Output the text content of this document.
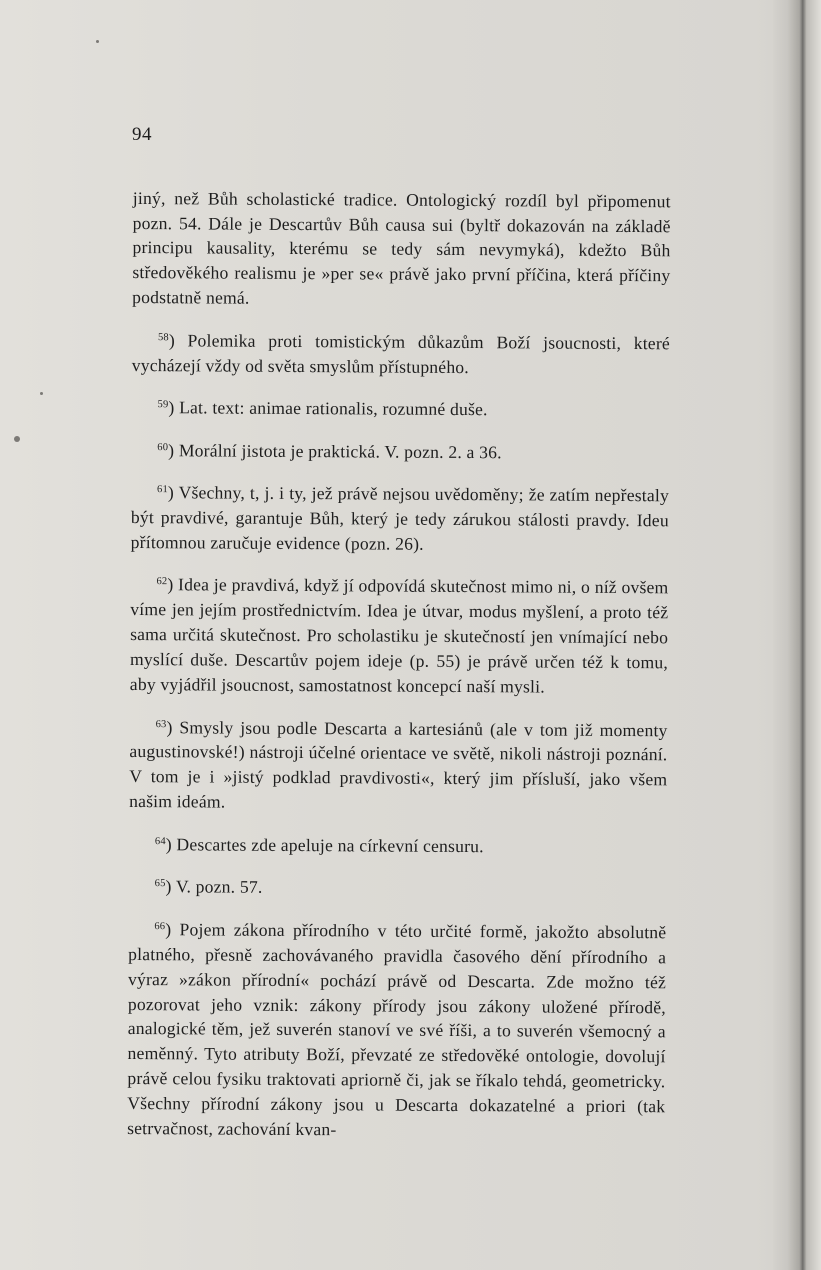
94

jiný, než Bůh scholastické tradice. Ontologický rozdíl byl připomenut pozn. 54. Dále je Descartův Bůh causa sui (byltř dokazován na základě principu kausality, kterému se tedy sám nevymyká), kdežto Bůh středověkého realismu je »per se« právě jako první příčina, která příčiny podstatně nemá.

$^{58}$) Polemika proti tomistickým důkazům Boží jsoucnosti, které vycházejí vždy od světa smyslům přístupného.

$^{59}$) Lat. text: animae rationalis, rozumné duše.

$^{60}$) Morální jistota je praktická. V. pozn. 2. a 36.

$^{61}$) Všechny, t, j. i ty, jež právě nejsou uvědoměny; že zatím nepřestaly být pravdivé, garantuje Bůh, který je tedy zárukou stálosti pravdy. Ideu přítomnou zaručuje evidence (pozn. 26).

$^{62}$) Idea je pravdivá, když jí odpovídá skutečnost mimo ni, o níž ovšem víme jen jejím prostřednictvím. Idea je útvar, modus myšlení, a proto též sama určitá skutečnost. Pro scholastiku je skutečností jen vnímající nebo myslící duše. Descartův pojem ideje (p. 55) je právě určen též k tomu, aby vyjádřil jsoucnost, samostatnost koncepcí naší mysli.

$^{63}$) Smysly jsou podle Descarta a kartesiánů (ale v tom již momenty augustinovské!) nástroji účelné orientace ve světě, nikoli nástroji poznání. V tom je i »jistý podklad pravdivosti«, který jim přísluší, jako všem našim ideám.

$^{64}$) Descartes zde apeluje na církevní censuru.

$^{65}$) V. pozn. 57.

$^{66}$) Pojem zákona přírodního v této určité formě, jakožto absolutně platného, přesně zachovávaného pravidla časového dění přírodního a výraz »zákon přírodní« pochází právě od Descarta. Zde možno též pozorovat jeho vznik: zákony přírody jsou zákony uložené přírodě, analogické těm, jež suverén stanoví ve své říši, a to suverén všemocný a neměnný. Tyto atributy Boží, převzaté ze středověké ontologie, dovolují právě celou fysiku traktovati apriorně či, jak se říkalo tehdá, geometricky. Všechny přírodní zákony jsou u Descarta dokazatelné a priori (tak setrvačnost, zachování kvan-
